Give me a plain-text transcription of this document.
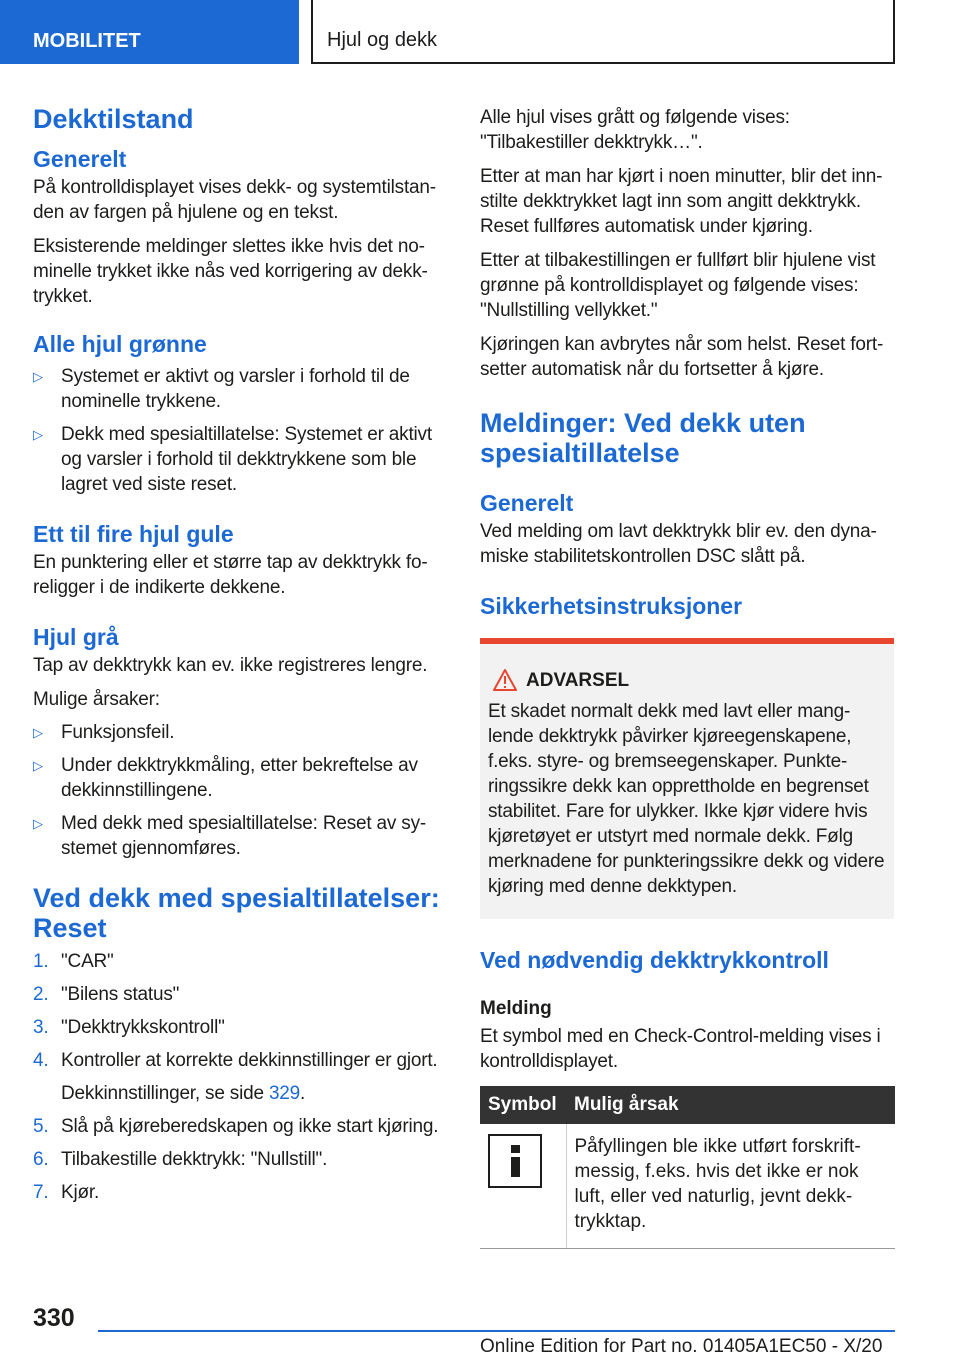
MOBILITET	Hjul og dekk
Dekktilstand
Generelt

På kontrolldisplayet vises dekk- og systemtilstanden av fargen på hjulene og en tekst.

Eksisterende meldinger slettes ikke hvis det nominelle trykket ikke nås ved korrigering av dekktrykket.

Alle hjul grønne
▷ Systemet er aktivt og varsler i forhold til de nominelle trykkene.
▷ Dekk med spesialtillatelse: Systemet er aktivt og varsler i forhold til dekktrykkene som ble lagret ved siste reset.
Ett til fire hjul gule

En punktering eller et større tap av dekktrykk foreligger i de indikerte dekkene.

Hjul grå

Tap av dekktrykk kan ev. ikke registreres lengre.

Mulige årsaker:

▷ Funksjonsfeil.
▷ Under dekktrykkmåling, etter bekreftelse av dekkinnstillingene.
▷ Med dekk med spesialtillatelse: Reset av systemet gjennomføres.
Ved dekk med spesialtillatelser: Reset
1. "CAR"
2. "Bilens status"
3. "Dekktrykkskontroll"
4. Kontroller at korrekte dekkinnstillinger er gjort.
Dekkinnstillinger, se side 329.
5. Slå på kjøreberedskapen og ikke start kjøring.
6. Tilbakestille dekktrykk: "Nullstill".
7. Kjør.

Alle hjul vises grått og følgende vises: "Tilbakestiller dekktrykk…".

Etter at man har kjørt i noen minutter, blir det innstilte dekktrykket lagt inn som angitt dekktrykk. Reset fullføres automatisk under kjøring.

Etter at tilbakestillingen er fullført blir hjulene vist grønne på kontrolldisplayet og følgende vises: "Nullstilling vellykket."

Kjøringen kan avbrytes når som helst. Reset fortsetter automatisk når du fortsetter å kjøre.

Meldinger: Ved dekk uten spesialtillatelse
Generelt

Ved melding om lavt dekktrykk blir ev. den dynamiske stabilitetskontrollen DSC slått på.

Sikkerhetsinstruksjoner
ADVARSEL

Et skadet normalt dekk med lavt eller manglende dekktrykk påvirker kjøreegenskapene, f.eks. styre- og bremseegenskaper. Punkteringssikre dekk kan opprettholde en begrenset stabilitet. Fare for ulykker. Ikke kjør videre hvis kjøretøyet er utstyrt med normale dekk. Følg merknadene for punkteringssikre dekk og videre kjøring med denne dekktypen.

Ved nødvendig dekktrykkontroll
Melding

Et symbol med en Check-Control-melding vises i kontrolldisplayet.

Symbol	Mulig årsak

	Påfyllingen ble ikke utført forskriftmessig, f.eks. hvis det ikke er nok luft, eller ved naturlig, jevnt dekktrykktap.
330
Online Edition for Part no. 01405A1EC50 - X/20
